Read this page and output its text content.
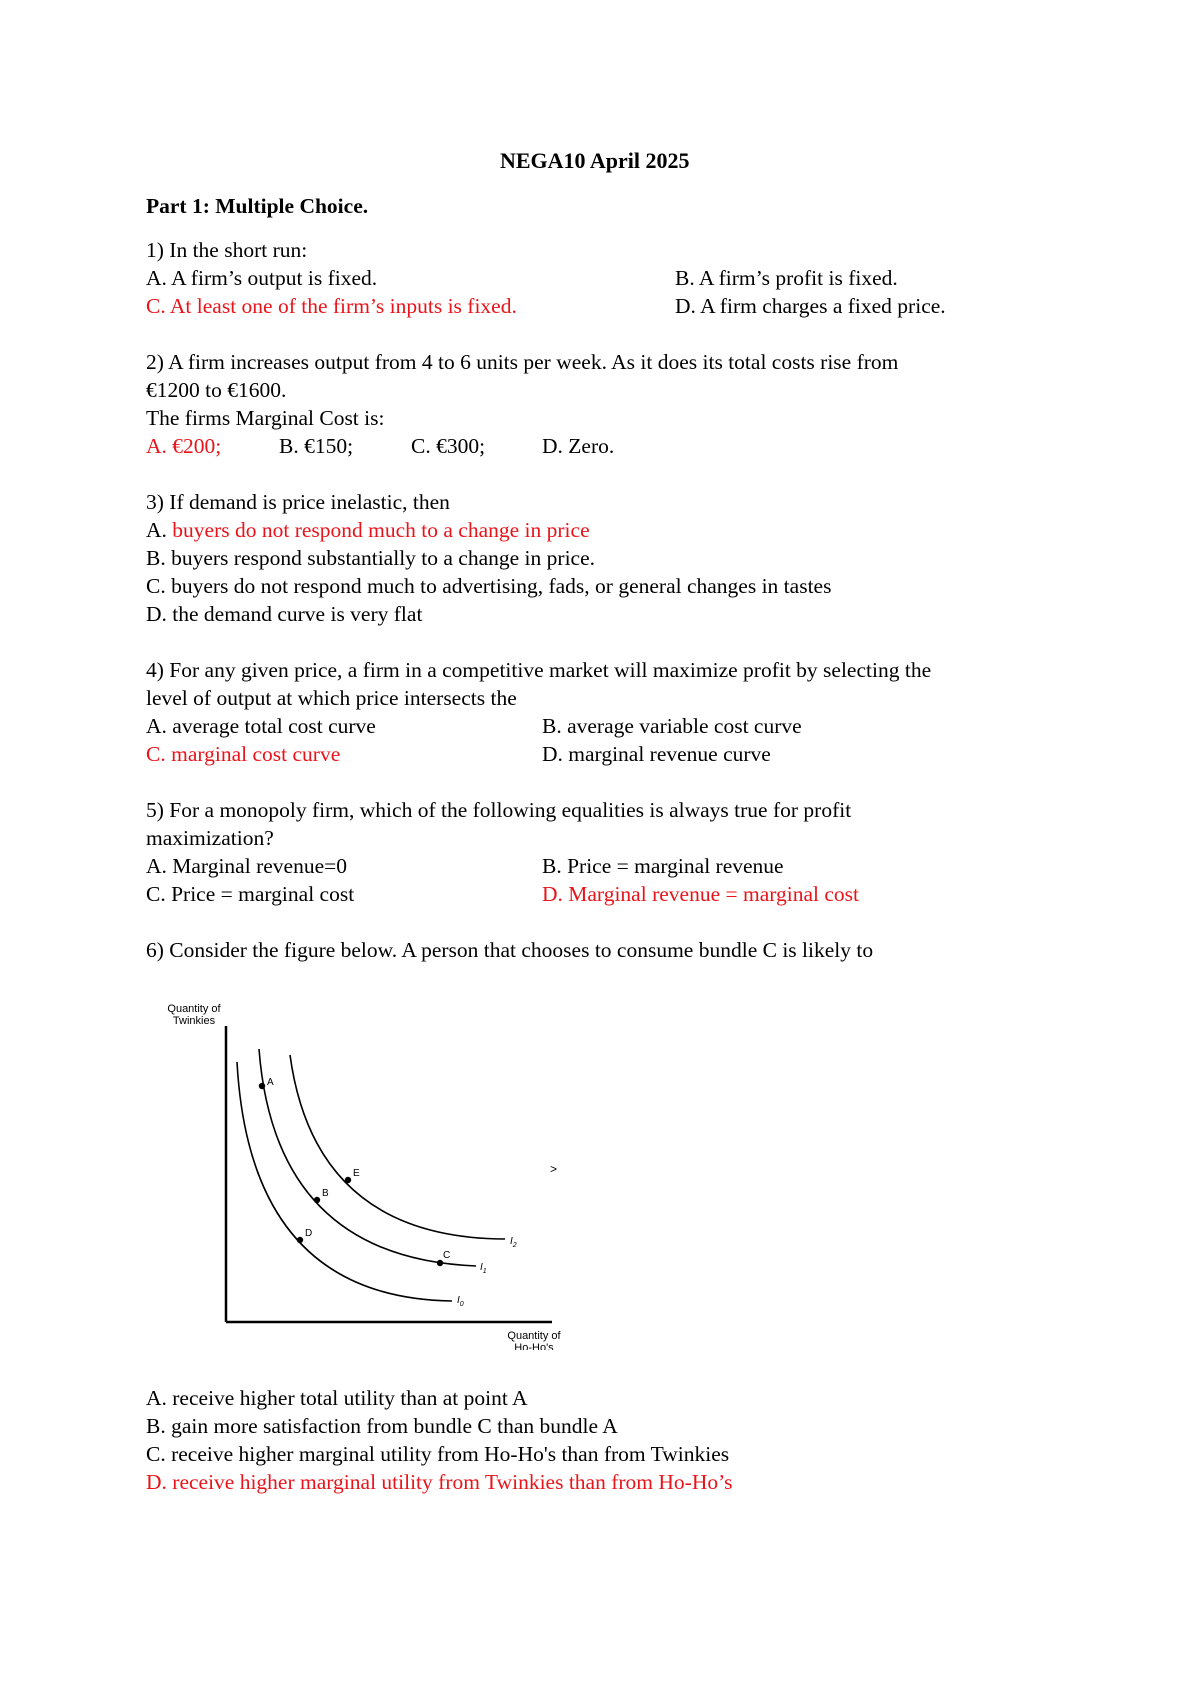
NEGA10 April 2025
Part 1: Multiple Choice.
1) In the short run:
A. A firm’s output is fixed.	B. A firm’s profit is fixed.
C. At least one of the firm’s inputs is fixed.	D. A firm charges a fixed price.
2) A firm increases output from 4 to 6 units per week. As it does its total costs rise from
€1200 to €1600.
The firms Marginal Cost is:
A. €200;	B. €150;	C. €300;	D. Zero.
3) If demand is price inelastic, then
A. buyers do not respond much to a change in price
B. buyers respond substantially to a change in price.
C. buyers do not respond much to advertising, fads, or general changes in tastes
D. the demand curve is very flat
4) For any given price, a firm in a competitive market will maximize profit by selecting the
level of output at which price intersects the
A. average total cost curve	B. average variable cost curve
C. marginal cost curve	D. marginal revenue curve
5) For a monopoly firm, which of the following equalities is always true for profit
maximization?
A. Marginal revenue=0	B. Price = marginal revenue
C. Price = marginal cost	D. Marginal revenue = marginal cost
6) Consider the figure below. A person that chooses to consume bundle C is likely to
Quantity of
Twinkies
Quantity of
Ho-Ho's
A
B
C
D
E
$I_2$
$I_1$
$I_0$
>
A. receive higher total utility than at point A
B. gain more satisfaction from bundle C than bundle A
C. receive higher marginal utility from Ho-Ho's than from Twinkies
D. receive higher marginal utility from Twinkies than from Ho-Ho’s
